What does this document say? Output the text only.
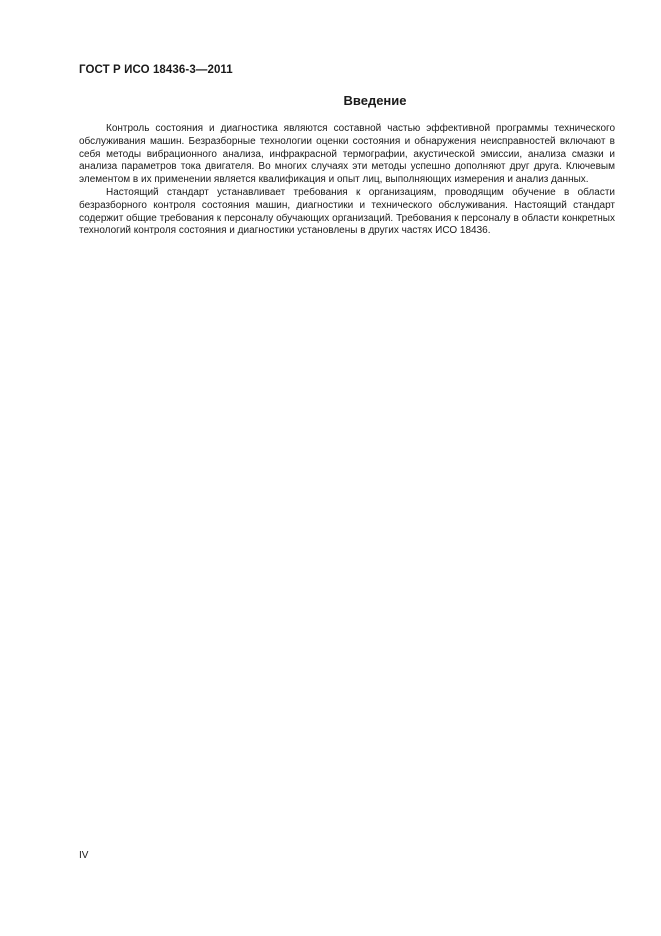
ГОСТ Р ИСО 18436-3—2011
Введение

Контроль состояния и диагностика являются составной частью эффективной программы технического обслуживания машин. Безразборные технологии оценки состояния и обнаружения неисправностей включают в себя методы вибрационного анализа, инфракрасной термографии, акустической эмиссии, анализа смазки и анализа параметров тока двигателя. Во многих случаях эти методы успешно дополняют друг друга. Ключевым элементом в их применении является квалификация и опыт лиц, выполняющих измерения и анализ данных.

Настоящий стандарт устанавливает требования к организациям, проводящим обучение в области безразборного контроля состояния машин, диагностики и технического обслуживания. Настоящий стандарт содержит общие требования к персоналу обучающих организаций. Требования к персоналу в области конкретных технологий контроля состояния и диагностики установлены в других частях ИСО 18436.

IV
